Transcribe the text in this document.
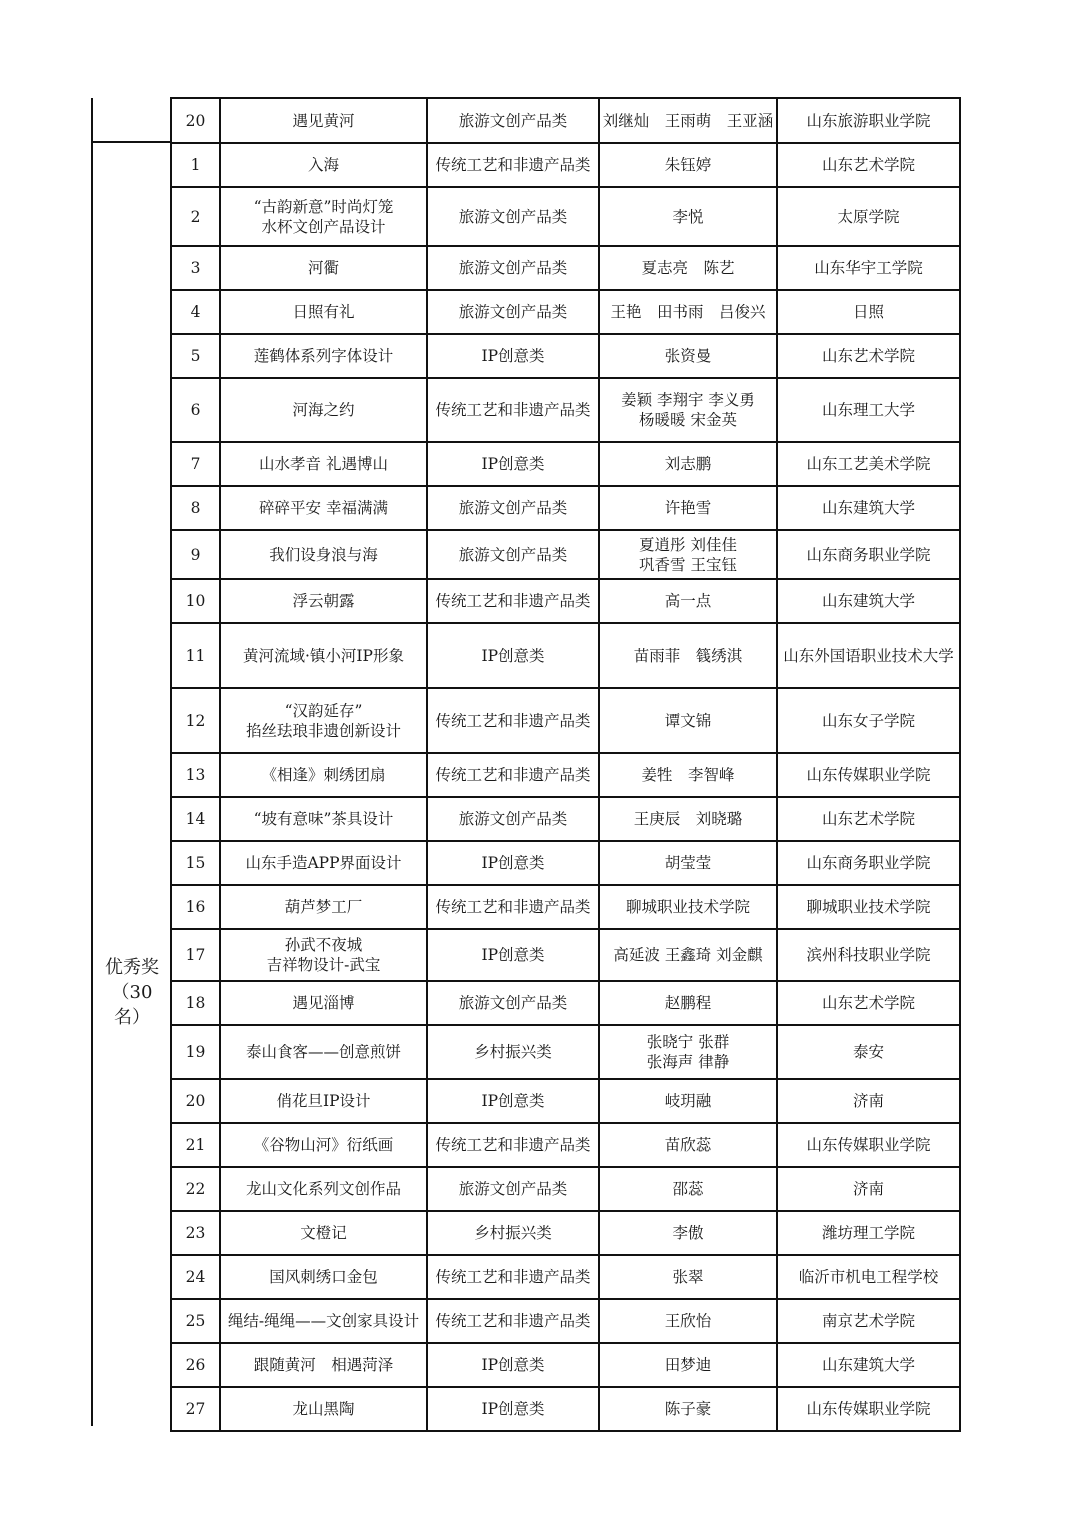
优秀奖
（30
名）
20	遇见黄河	旅游文创产品类	刘继灿　王雨萌　王亚涵	山东旅游职业学院
1	入海	传统工艺和非遗产品类	朱钰婷	山东艺术学院
2	“古韵新意”时尚灯笼
水杯文创产品设计	旅游文创产品类	李悦	太原学院
3	河衢	旅游文创产品类	夏志亮　陈艺	山东华宇工学院
4	日照有礼	旅游文创产品类	王艳　田书雨　吕俊兴	日照
5	莲鹤体系列字体设计	IP创意类	张资曼	山东艺术学院
6	河海之约	传统工艺和非遗产品类	姜颖 李翔宇 李义勇
杨暖暖 宋金英	山东理工大学
7	山水孝音 礼遇博山	IP创意类	刘志鹏	山东工艺美术学院
8	碎碎平安 幸福满满	旅游文创产品类	许艳雪	山东建筑大学
9	我们设身浪与海	旅游文创产品类	夏逍彤 刘佳佳
巩香雪 王宝钰	山东商务职业学院
10	浮云朝露	传统工艺和非遗产品类	高一点	山东建筑大学
11	黄河流域·镇小河IP形象	IP创意类	苗雨菲　篯绣淇	山东外国语职业技术大学
12	“汉韵延存”
掐丝珐琅非遗创新设计	传统工艺和非遗产品类	谭文锦	山东女子学院
13	《相逢》刺绣团扇	传统工艺和非遗产品类	姜牲　李智峰	山东传媒职业学院
14	“坡有意味”茶具设计	旅游文创产品类	王庚辰　刘晓璐	山东艺术学院
15	山东手造APP界面设计	IP创意类	胡莹莹	山东商务职业学院
16	葫芦梦工厂	传统工艺和非遗产品类	聊城职业技术学院	聊城职业技术学院
17	孙武不夜城
吉祥物设计-武宝	IP创意类	高延波 王鑫琦 刘金麒	滨州科技职业学院
18	遇见淄博	旅游文创产品类	赵鹏程	山东艺术学院
19	泰山食客——创意煎饼	乡村振兴类	张晓宁 张群
张海声 律静	泰安
20	俏花旦IP设计	IP创意类	岐玥融	济南
21	《谷物山河》衍纸画	传统工艺和非遗产品类	苗欣蕊	山东传媒职业学院
22	龙山文化系列文创作品	旅游文创产品类	邵蕊	济南
23	文橙记	乡村振兴类	李傲	潍坊理工学院
24	国风刺绣口金包	传统工艺和非遗产品类	张翠	临沂市机电工程学校
25	绳结-绳绳——文创家具设计	传统工艺和非遗产品类	王欣怡	南京艺术学院
26	跟随黄河　相遇菏泽	IP创意类	田梦迪	山东建筑大学
27	龙山黑陶	IP创意类	陈子豪	山东传媒职业学院
